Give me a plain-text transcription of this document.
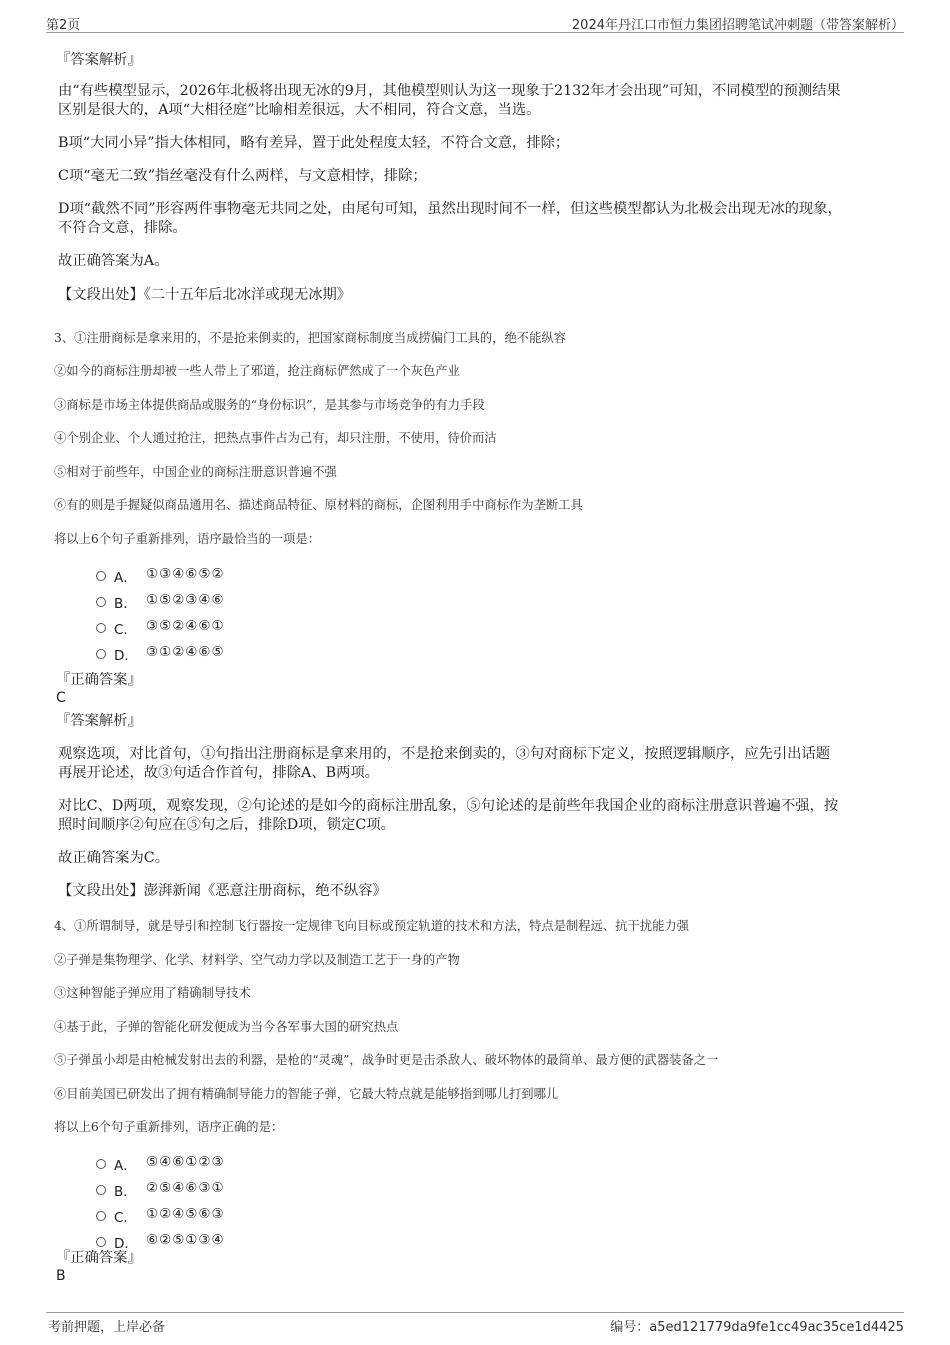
第2页	2024年丹江口市恒力集团招聘笔试冲刺题（带答案解析）
『答案解析』
由“有些模型显示，2026年北极将出现无冰的9月，其他模型则认为这一现象于2132年才会出现”可知，不同模型的预测结果
区别是很大的，A项“大相径庭”比喻相差很远，大不相同，符合文意，当选。
B项“大同小异”指大体相同，略有差异，置于此处程度太轻，不符合文意，排除；
C项“毫无二致”指丝毫没有什么两样，与文意相悖，排除；
D项“截然不同”形容两件事物毫无共同之处，由尾句可知，虽然出现时间不一样，但这些模型都认为北极会出现无冰的现象，
不符合文意，排除。
故正确答案为A。
【文段出处】《二十五年后北冰洋或现无冰期》
3、①注册商标是拿来用的，不是抢来倒卖的，把国家商标制度当成捞偏门工具的，绝不能纵容
②如今的商标注册却被一些人带上了邪道，抢注商标俨然成了一个灰色产业
③商标是市场主体提供商品或服务的“身份标识”，是其参与市场竞争的有力手段
④个别企业、个人通过抢注，把热点事件占为己有，却只注册，不使用，待价而沽
⑤相对于前些年，中国企业的商标注册意识普遍不强
⑥有的则是手握疑似商品通用名、描述商品特征、原材料的商标，企图利用手中商标作为垄断工具
将以上6个句子重新排列，语序最恰当的一项是：
A． ①③④⑥⑤②
B． ①⑤②③④⑥
C． ③⑤②④⑥①
D． ③①②④⑥⑤
『正确答案』
C
『答案解析』
观察选项，对比首句，①句指出注册商标是拿来用的，不是抢来倒卖的，③句对商标下定义，按照逻辑顺序，应先引出话题
再展开论述，故③句适合作首句，排除A、B两项。
对比C、D两项，观察发现，②句论述的是如今的商标注册乱象，⑤句论述的是前些年我国企业的商标注册意识普遍不强，按
照时间顺序②句应在⑤句之后，排除D项，锁定C项。
故正确答案为C。
【文段出处】澎湃新闻《恶意注册商标，绝不纵容》
4、①所谓制导，就是导引和控制飞行器按一定规律飞向目标或预定轨道的技术和方法，特点是制程远、抗干扰能力强
②子弹是集物理学、化学、材料学、空气动力学以及制造工艺于一身的产物
③这种智能子弹应用了精确制导技术
④基于此，子弹的智能化研发便成为当今各军事大国的研究热点
⑤子弹虽小却是由枪械发射出去的利器，是枪的“灵魂”，战争时更是击杀敌人、破坏物体的最简单、最方便的武器装备之一
⑥目前美国已研发出了拥有精确制导能力的智能子弹，它最大特点就是能够指到哪儿打到哪儿
将以上6个句子重新排列，语序正确的是：
A． ⑤④⑥①②③
B． ②⑤④⑥③①
C． ①②④⑤⑥③
D． ⑥②⑤①③④
『正确答案』
B
考前押题，上岸必备	编号：a5ed121779da9fe1cc49ac35ce1d4425
